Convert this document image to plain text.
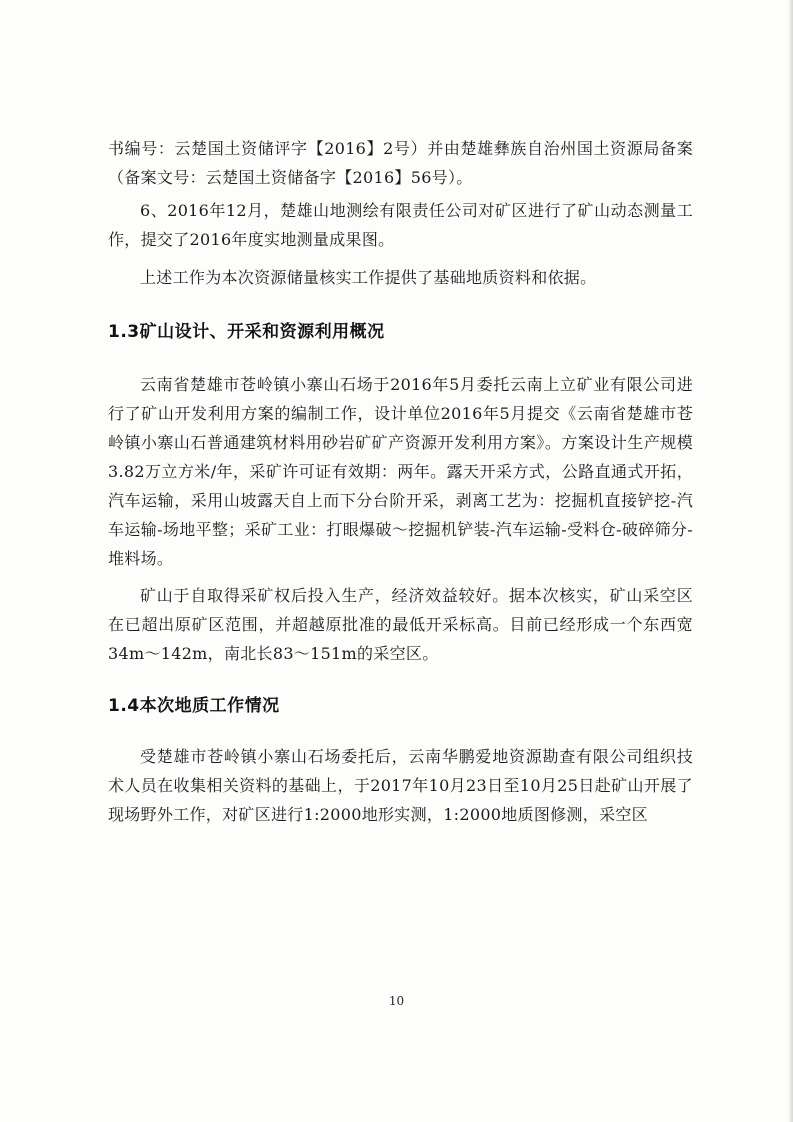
书编号：云楚国土资储评字【2016】2号）并由楚雄彝族自治州国土资源局备案（备案文号：云楚国土资储备字【2016】56号）。

6、2016年12月，楚雄山地测绘有限责任公司对矿区进行了矿山动态测量工作，提交了2016年度实地测量成果图。

上述工作为本次资源储量核实工作提供了基础地质资料和依据。

1.3矿山设计、开采和资源利用概况

云南省楚雄市苍岭镇小寨山石场于2016年5月委托云南上立矿业有限公司进行了矿山开发利用方案的编制工作，设计单位2016年5月提交《云南省楚雄市苍岭镇小寨山石普通建筑材料用砂岩矿矿产资源开发利用方案》。方案设计生产规模3.82万立方米/年，采矿许可证有效期：两年。露天开采方式，公路直通式开拓，汽车运输，采用山坡露天自上而下分台阶开采，剥离工艺为：挖掘机直接铲挖-汽车运输-场地平整；采矿工业：打眼爆破～挖掘机铲装-汽车运输-受料仓-破碎筛分-堆料场。

矿山于自取得采矿权后投入生产，经济效益较好。据本次核实，矿山采空区在已超出原矿区范围，并超越原批准的最低开采标高。目前已经形成一个东西宽34m～142m，南北长83～151m的采空区。

1.4本次地质工作情况

受楚雄市苍岭镇小寨山石场委托后，云南华鹏爱地资源勘查有限公司组织技术人员在收集相关资料的基础上，于2017年10月23日至10月25日赴矿山开展了现场野外工作，对矿区进行1:2000地形实测，1:2000地质图修测，采空区

10
